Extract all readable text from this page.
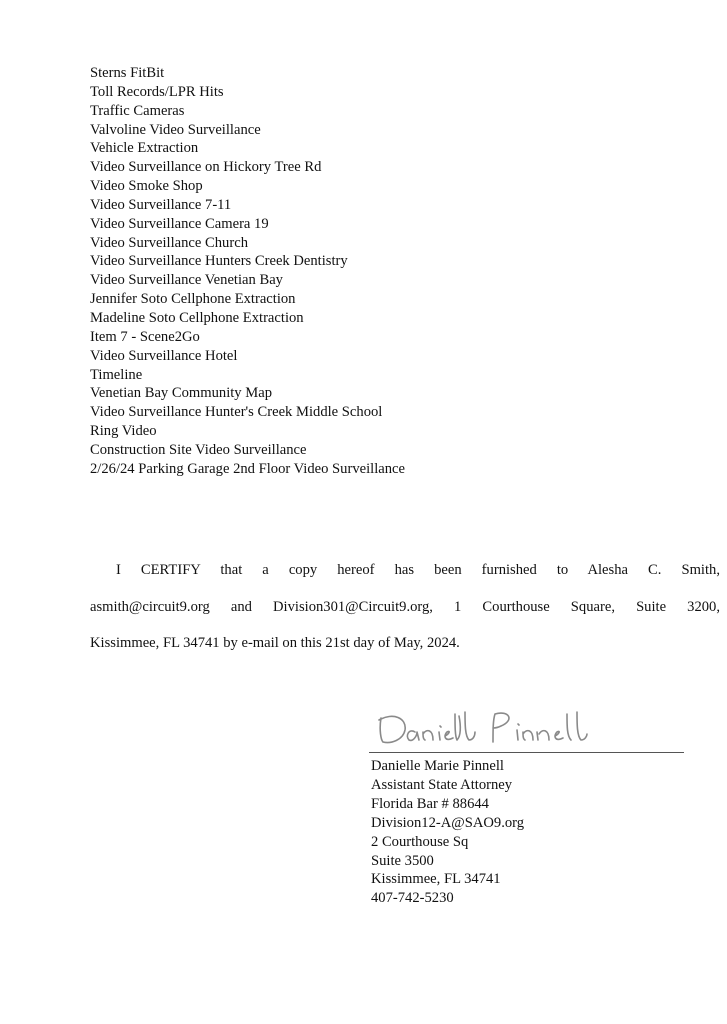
Sterns FitBit
Toll Records/LPR Hits
Traffic Cameras
Valvoline Video Surveillance
Vehicle Extraction
Video Surveillance on Hickory Tree Rd
Video Smoke Shop
Video Surveillance 7-11
Video Surveillance Camera 19
Video Surveillance Church
Video Surveillance Hunters Creek Dentistry
Video Surveillance Venetian Bay
Jennifer Soto Cellphone Extraction
Madeline Soto Cellphone Extraction
Item 7 - Scene2Go
Video Surveillance Hotel
Timeline
Venetian Bay Community Map
Video Surveillance Hunter's Creek Middle School
Ring Video
Construction Site Video Surveillance
2/26/24 Parking Garage 2nd Floor Video Surveillance
I CERTIFY that a copy hereof has been furnished to Alesha C. Smith,
asmith@circuit9.org and Division301@Circuit9.org, 1 Courthouse Square, Suite 3200,
Kissimmee, FL 34741 by e-mail on this 21st day of May, 2024.
Danielle Marie Pinnell
Assistant State Attorney
Florida Bar # 88644
Division12-A@SAO9.org
2 Courthouse Sq
Suite 3500
Kissimmee, FL 34741
407-742-5230
